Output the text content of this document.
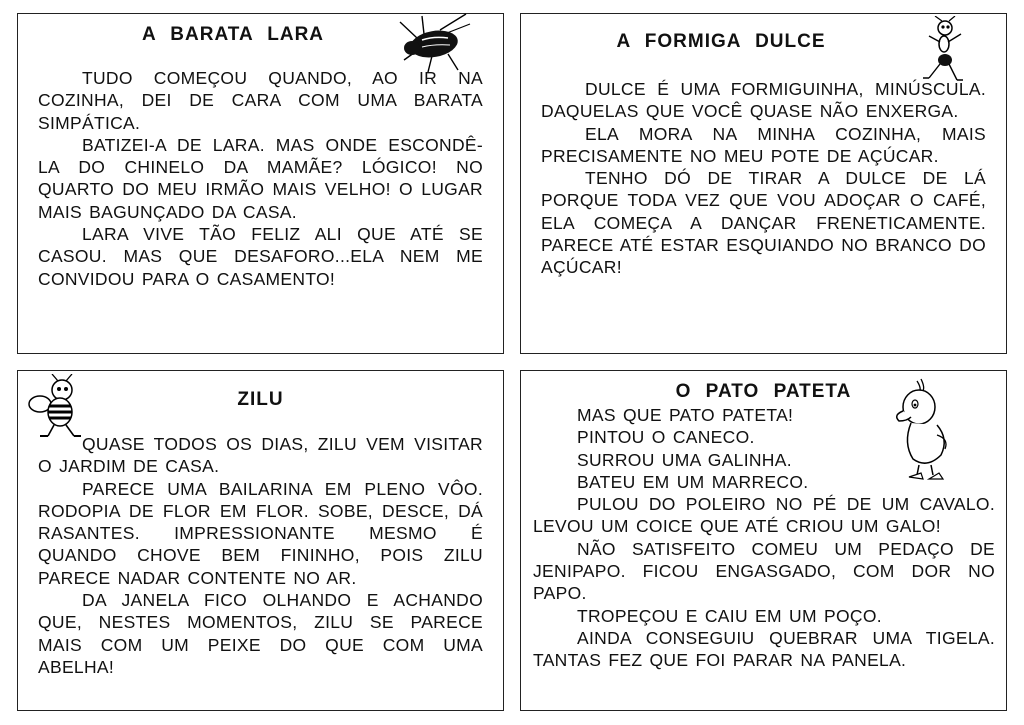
A BARATA LARA

TUDO COMEÇOU QUANDO, AO IR NA COZINHA, DEI DE CARA COM UMA BARATA SIMPÁTICA.

BATIZEI-A DE LARA. MAS ONDE ESCONDÊ-LA DO CHINELO DA MAMÃE? LÓGICO! NO QUARTO DO MEU IRMÃO MAIS VELHO! O LUGAR MAIS BAGUNÇADO DA CASA.

LARA VIVE TÃO FELIZ ALI QUE ATÉ SE CASOU. MAS QUE DESAFORO...ELA NEM ME CONVIDOU PARA O CASAMENTO!

A FORMIGA DULCE

DULCE É UMA FORMIGUINHA, MINÚSCULA. DAQUELAS QUE VOCÊ QUASE NÃO ENXERGA.

ELA MORA NA MINHA COZINHA, MAIS PRECISAMENTE NO MEU POTE DE AÇÚCAR.

TENHO DÓ DE TIRAR A DULCE DE LÁ PORQUE TODA VEZ QUE VOU ADOÇAR O CAFÉ, ELA COMEÇA A DANÇAR FRENETICAMENTE. PARECE ATÉ ESTAR ESQUIANDO NO BRANCO DO AÇÚCAR!

ZILU

QUASE TODOS OS DIAS, ZILU VEM VISITAR O JARDIM DE CASA.

PARECE UMA BAILARINA EM PLENO VÔO. RODOPIA DE FLOR EM FLOR. SOBE, DESCE, DÁ RASANTES. IMPRESSIONANTE MESMO É QUANDO CHOVE BEM FININHO, POIS ZILU PARECE NADAR CONTENTE NO AR.

DA JANELA FICO OLHANDO E ACHANDO QUE, NESTES MOMENTOS, ZILU SE PARECE MAIS COM UM PEIXE DO QUE COM UMA ABELHA!

O PATO PATETA

MAS QUE PATO PATETA!

PINTOU O CANECO.

SURROU UMA GALINHA.

BATEU EM UM MARRECO.

PULOU DO POLEIRO NO PÉ DE UM CAVALO. LEVOU UM COICE QUE ATÉ CRIOU UM GALO!

NÃO SATISFEITO COMEU UM PEDAÇO DE JENIPAPO. FICOU ENGASGADO, COM DOR NO PAPO.

TROPEÇOU E CAIU EM UM POÇO.

AINDA CONSEGUIU QUEBRAR UMA TIGELA. TANTAS FEZ QUE FOI PARAR NA PANELA.
